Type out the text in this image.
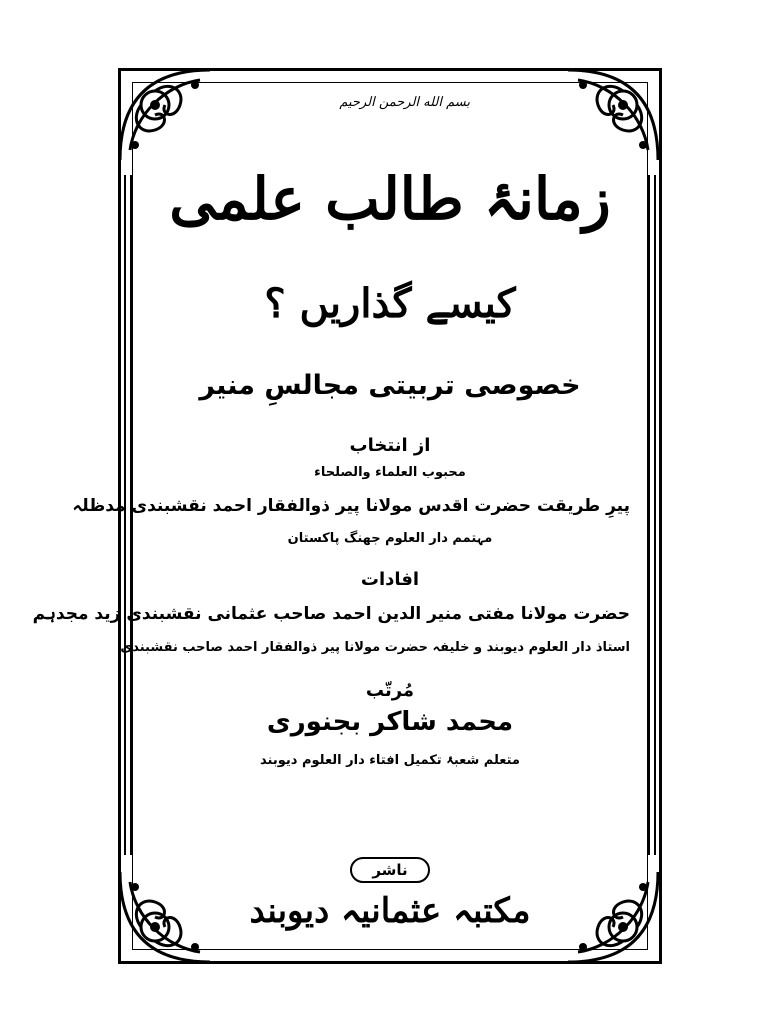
بسم الله الرحمن الرحیم
زمانۂ طالب علمی
کیسے گذاریں ؟
خصوصی تربیتی مجالسِ منیر
از انتخاب
محبوب العلماء والصلحاء
پیرِ طریقت حضرت اقدس مولانا پیر ذوالفقار احمد نقشبندی مدظلہ
مہتمم دار العلوم جھنگ پاکستان
افادات
حضرت مولانا مفتی منیر الدین احمد صاحب عثمانی نقشبندی زید مجدہم
استاذ دار العلوم دیوبند و خلیفہ حضرت مولانا پیر ذوالفقار احمد صاحب نقشبندی
مُرتّب
محمد شاکر بجنوری
متعلم شعبۂ تکمیل افتاء دار العلوم دیوبند
ناشر
مکتبہ عثمانیہ دیوبند
